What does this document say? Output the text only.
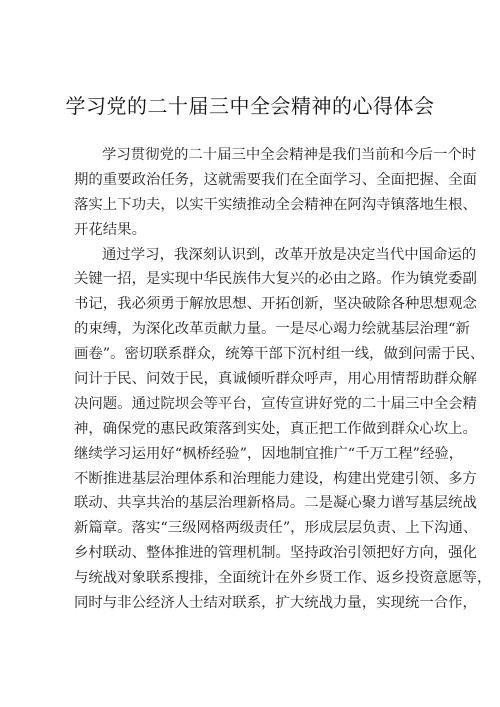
学习党的二十届三中全会精神的心得体会
学习贯彻党的二十届三中全会精神是我们当前和今后一个时
期的重要政治任务，这就需要我们在全面学习、全面把握、全面
落实上下功夫，以实干实绩推动全会精神在阿沟寺镇落地生根、
开花结果。
通过学习，我深刻认识到，改革开放是决定当代中国命运的
关键一招，是实现中华民族伟大复兴的必由之路。作为镇党委副
书记，我必须勇于解放思想、开拓创新，坚决破除各种思想观念
的束缚，为深化改革贡献力量。一是尽心竭力绘就基层治理“新
画卷”。密切联系群众，统筹干部下沉村组一线，做到问需于民、
问计于民、问效于民，真诚倾听群众呼声，用心用情帮助群众解
决问题。通过院坝会等平台，宣传宣讲好党的二十届三中全会精
神，确保党的惠民政策落到实处，真正把工作做到群众心坎上。
继续学习运用好“枫桥经验”，因地制宜推广“千万工程”经验，
不断推进基层治理体系和治理能力建设，构建出党建引领、多方
联动、共享共治的基层治理新格局。二是凝心聚力谱写基层统战
新篇章。落实“三级网格两级责任”，形成层层负责、上下沟通、
乡村联动、整体推进的管理机制。坚持政治引领把好方向，强化
与统战对象联系搜排，全面统计在外乡贤工作、返乡投资意愿等，
同时与非公经济人士结对联系，扩大统战力量，实现统一合作，
